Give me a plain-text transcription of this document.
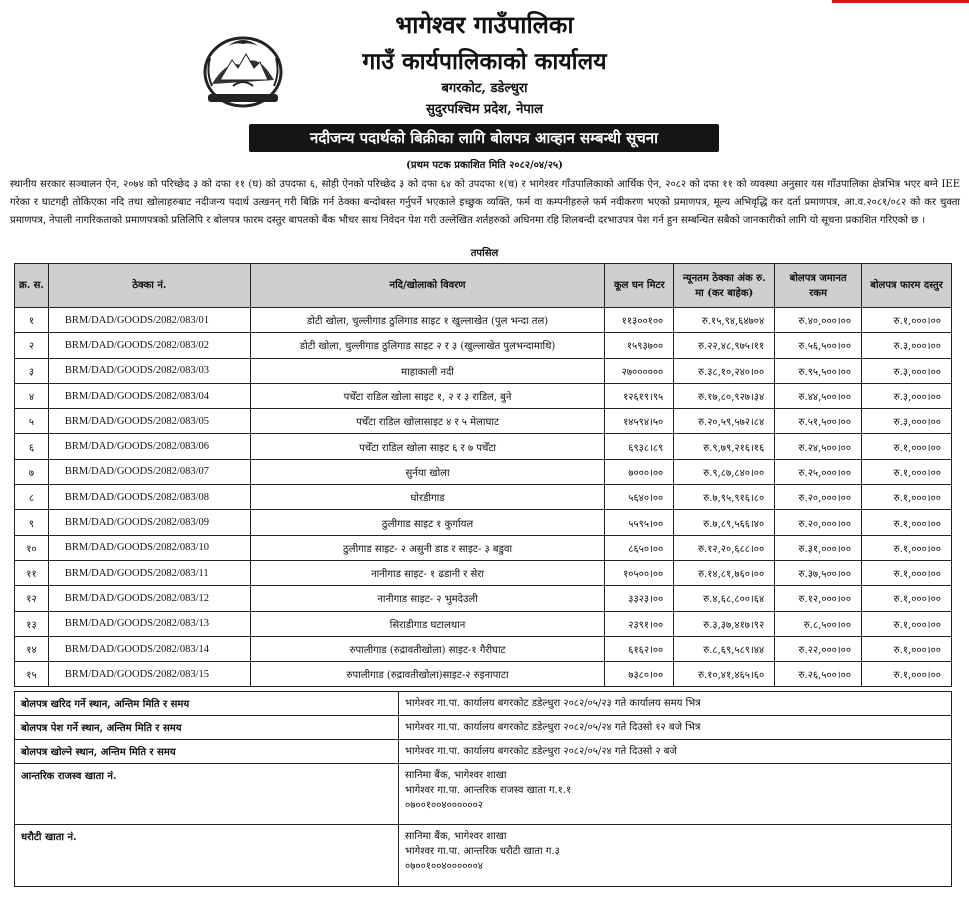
भागेश्वर गाउँपालिका
गाउँ कार्यपालिकाको कार्यालय
बगरकोट, डडेल्धुरा
सुदुरपश्चिम प्रदेश, नेपाल
नदीजन्य पदार्थको बिक्रीका लागि बोलपत्र आव्हान सम्बन्धी सूचना
(प्रथम पटक प्रकाशित मिति २०८२/०४/२५)
स्थानीय सरकार सञ्चालन ऐन, २०७४ को परिच्छेद ३ को दफा ११ (घ) को उपदफा ६, सोही ऐनको परिच्छेद ३ को दफा ६४ को उपदफा १(च) र भागेश्वर गाँउपालिकाको आर्थिक ऐन, २०८२ को दफा ११ को व्यवस्था अनुसार यस गाँउपालिका क्षेत्रभित्र भएर बग्ने IEE गरेका र घाटगद्दी तोकिएका नदि तथा खोलाहरुबाट नदीजन्य पदार्थ उत्खनन् गरी बिक्रि गर्न ठेक्का बन्दोबस्त गर्नुपर्ने भएकाले इच्छुक व्यक्ति, फर्म वा कम्पनीहरुले फर्म नवीकरण भएको प्रमाणपत्र, मूल्य अभिवृद्धि कर दर्ता प्रमाणपत्र, आ.व.२०८१/०८२ को कर चुक्ता प्रमाणपत्र, नेपाली नागरिकताको प्रमाणपत्रको प्रतिलिपि र बोलपत्र फारम दस्तुर बापतको बैंक भौचर साथ निवेदन पेश गरी उल्लेखित शर्तहरुको अधिनमा रहि शिलबन्दी दरभाउपत्र पेश गर्न हुन सम्बन्धित सबैको जानकारीको लागि यो सूचना प्रकाशित गरिएको छ ।
तपसिल
क्र. स.	ठेक्का नं.	नदि/खोलाको विवरण	कूल घन मिटर	न्यूनतम ठेक्का अंक रु. मा (कर बाहेक)	बोलपत्र जमानत रकम	बोलपत्र फारम दस्तुर
१	BRM/DAD/GOODS/2082/083/01	डोटी खोला, चुल्लीगाड ठुलिगाड साइट १ खुल्लाखेत (पुल भन्दा तल)	११३००१००	रु.१५,९४,६४७०४	रु.४०,०००।००	रु.१,०००।००
२	BRM/DAD/GOODS/2082/083/02	डोटी खोला, चुल्लीगाड ठुलिगाड साइट २ र ३ (खुल्लाखेत पुलभन्दामाथि)	१५९३७००	रु.२२,४८,९७५।११	रु.५६,५००।००	रु.३,०००।००
३	BRM/DAD/GOODS/2082/083/03	माहाकाली नदी	२७००००००	रु.३८,१०,२४०।००	रु.९५,५००।००	रु.३,०००।००
४	BRM/DAD/GOODS/2082/083/04	पचेँटा राडिल खोला साइट १, २ र ३ राडिल, बुने	१२६१९।९५	रु.१७,८०,९२७।३४	रु.४४,५००।००	रु.३,०००।००
५	BRM/DAD/GOODS/2082/083/05	पचेँटा राडिल खोलासाइट ४ र ५ मेलाघाट	१४५९४।५०	रु.२०,५९,५७२।८४	रु.५१,५००।००	रु.३,०००।००
६	BRM/DAD/GOODS/2082/083/06	पचेँटा राडिल खोला साइट ६ र ७ पचेँटा	६९३८।८९	रु.९,७९,२१६।१६	रु.२४,५००।००	रु.१,०००।००
७	BRM/DAD/GOODS/2082/083/07	सुर्नया खोला	७०००।००	रु.९,८७,८४०।००	रु.२५,०००।००	रु.१,०००।००
८	BRM/DAD/GOODS/2082/083/08	घोरडीगाड	५६४०।००	रु.७,९५,९१६।८०	रु.२०,०००।००	रु.१,०००।००
९	BRM/DAD/GOODS/2082/083/09	ठुलीगाड साइट १ कुर्गायल	५५९५।००	रु.७,८९,५६६।४०	रु.२०,०००।००	रु.१,०००।००
१०	BRM/DAD/GOODS/2082/083/10	ठुलीगाड साइट- २ असुनी डाड र साइट- ३ बडुवा	८६५०।००	रु.१२,२०,६८८।००	रु.३१,०००।००	रु.१,०००।००
११	BRM/DAD/GOODS/2082/083/11	नानीगाड साइट- १ ढडानी र सेरा	१०५००।००	रु.१४,८१,७६०।००	रु.३७,५००।००	रु.१,०००।००
१२	BRM/DAD/GOODS/2082/083/12	नानीगाड साइट- २ भुमदेउली	३३२३।००	रु.४,६८,८००।६४	रु.१२,०००।००	रु.१,०००।००
१३	BRM/DAD/GOODS/2082/083/13	सिराडीगाड घटालथान	२३९१।००	रु.३,३७,४१७।९२	रु.८,५००।००	रु.१,०००।००
१४	BRM/DAD/GOODS/2082/083/14	रुपालीगाड (रुद्रावतीखोला) साइट-१ गैरीघाट	६१६२।००	रु.८,६९,५८९।४४	रु.२२,०००।००	रु.१,०००।००
१५	BRM/DAD/GOODS/2082/083/15	रुपालीगाड (रुद्रावतीखोला)साइट-२ रुइनापाटा	७३८०।००	रु.१०,४१,४६५।६०	रु.२६,५००।००	रु.१,०००।००
बोलपत्र खरिद गर्ने स्थान, अन्तिम मिति र समय	भागेश्वर गा.पा. कार्यालय बगरकोट डडेल्धुरा २०८२/०५/२३ गते कार्यालय समय भित्र

बोलपत्र पेश गर्ने स्थान, अन्तिम मिति र समय	भागेश्वर गा.पा. कार्यालय बगरकोट डडेल्धुरा २०८२/०५/२४ गते दिउसो १२ बजे भित्र

बोलपत्र खोल्ने स्थान, अन्तिम मिति र समय	भागेश्वर गा.पा. कार्यालय बगरकोट डडेल्धुरा २०८२/०५/२४ गते दिउसो २ बजे

आन्तरिक राजस्व खाता नं.	सानिमा बैंक, भागेश्वर शाखा
भागेश्वर गा.पा. आन्तरिक राजस्व खाता ग.१.१
०७००१००४००००००२

धरौटी खाता नं.	सानिमा बैंक, भागेश्वर शाखा
भागेश्वर गा.पा. आन्तरिक धरौटी खाता ग.३
०७००१००४००००००४
